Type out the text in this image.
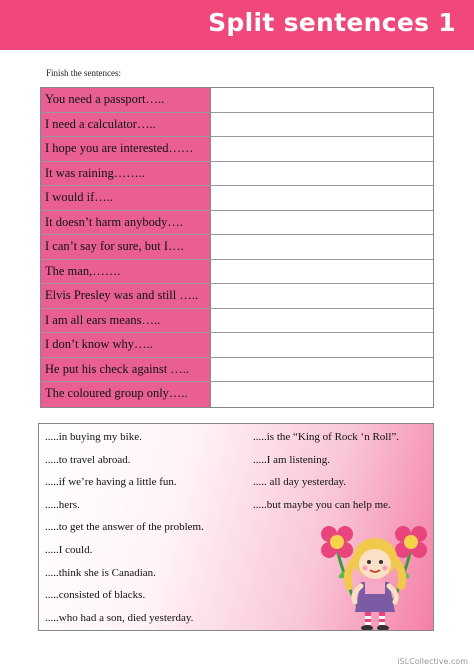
Split sentences 1
Finish the sentences:
You need a passport…..
I need a calculator…..
I hope you are interested……
It was raining……..
I would if…..
It doesn’t harm anybody….
I can’t say for sure, but I….
The man,…….
Elvis Presley was and still …..
I am all ears means…..
I don’t know why…..
He put his check against …..
The coloured group only…..
.....in buying my bike.
.....to travel abroad.
.....if we’re having a little fun.
.....hers.
.....to get the answer of the problem.
.....I could.
.....think she is Canadian.
.....consisted of blacks.
.....who had a son, died yesterday.
.....is the “King of Rock ‘n Roll”.
.....I am listening.
..... all day yesterday.
.....but maybe you can help me.
iSLCollective.com
